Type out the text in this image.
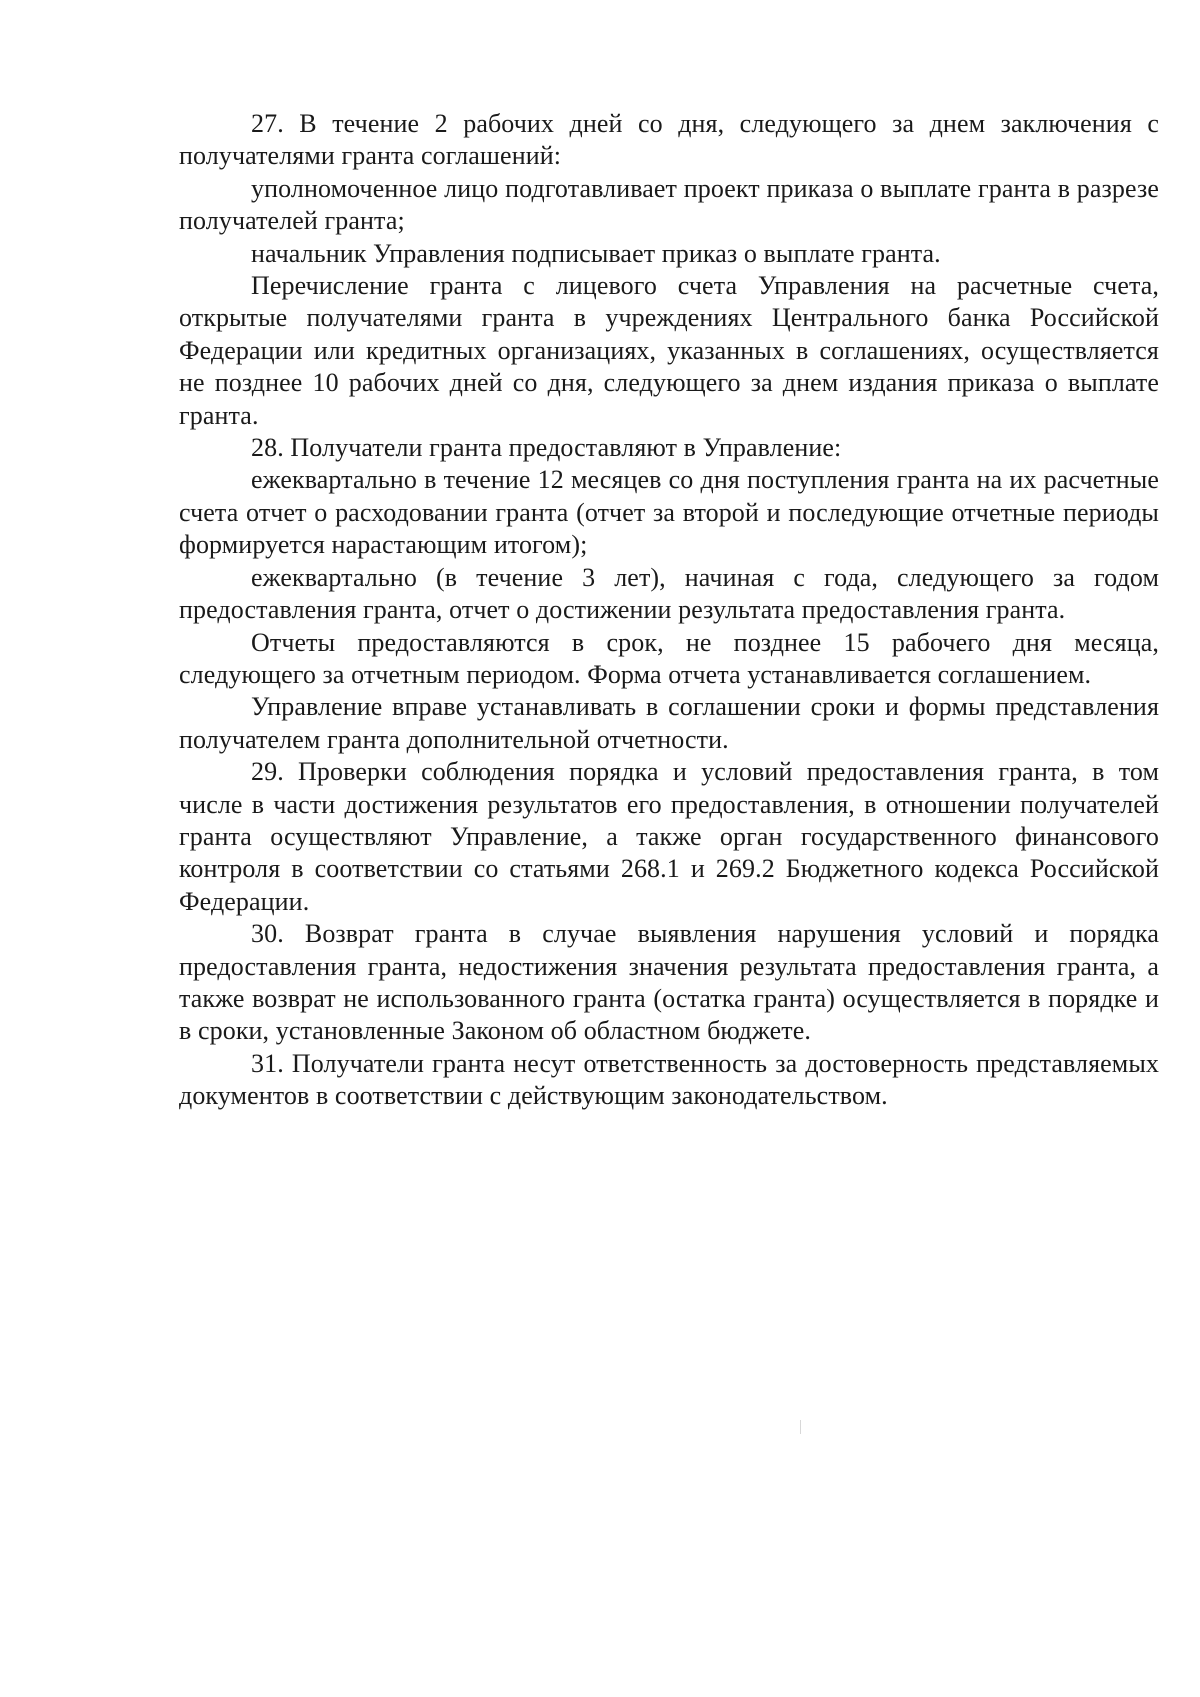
27. В течение 2 рабочих дней со дня, следующего за днем заключения с получателями гранта соглашений:

уполномоченное лицо подготавливает проект приказа о выплате гранта в разрезе получателей гранта;

начальник Управления подписывает приказ о выплате гранта.

Перечисление гранта с лицевого счета Управления на расчетные счета, открытые получателями гранта в учреждениях Центрального банка Российской Федерации или кредитных организациях, указанных в соглашениях, осуществляется не позднее 10 рабочих дней со дня, следующего за днем издания приказа о выплате гранта.

28. Получатели гранта предоставляют в Управление:

ежеквартально в течение 12 месяцев со дня поступления гранта на их расчетные счета отчет о расходовании гранта (отчет за второй и последующие отчетные периоды формируется нарастающим итогом);

ежеквартально (в течение 3 лет), начиная с года, следующего за годом предоставления гранта, отчет о достижении результата предоставления гранта.

Отчеты предоставляются в срок, не позднее 15 рабочего дня месяца, следующего за отчетным периодом. Форма отчета устанавливается соглашением.

Управление вправе устанавливать в соглашении сроки и формы представления получателем гранта дополнительной отчетности.

29. Проверки соблюдения порядка и условий предоставления гранта, в том числе в части достижения результатов его предоставления, в отношении получателей гранта осуществляют Управление, а также орган государственного финансового контроля в соответствии со статьями 268.1 и 269.2 Бюджетного кодекса Российской Федерации.

30. Возврат гранта в случае выявления нарушения условий и порядка предоставления гранта, недостижения значения результата предоставления гранта, а также возврат не использованного гранта (остатка гранта) осуществляется в порядке и в сроки, установленные Законом об областном бюджете.

31. Получатели гранта несут ответственность за достоверность представляемых документов в соответствии с действующим законодательством.
